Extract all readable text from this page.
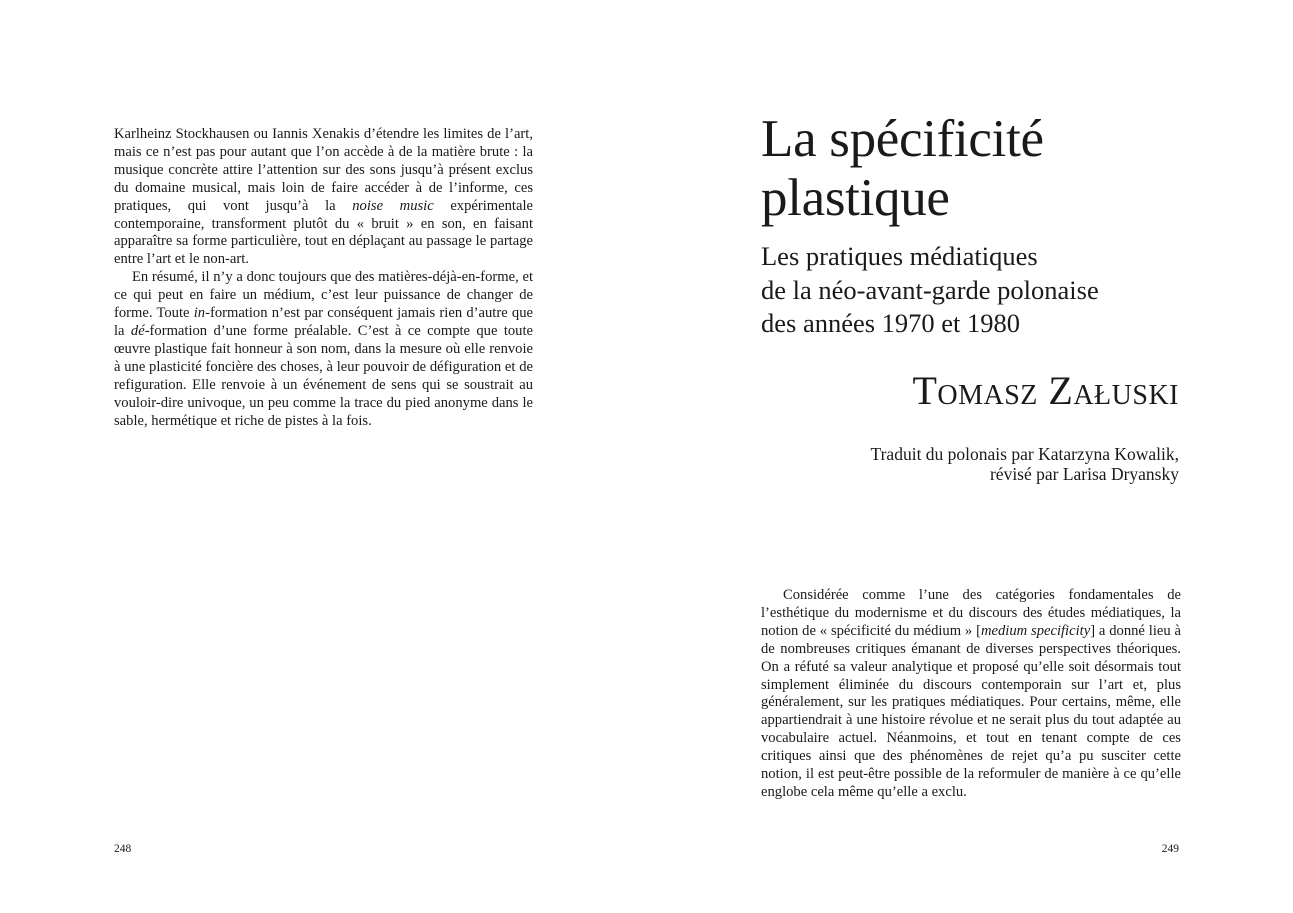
Karlheinz Stockhausen ou Iannis Xenakis d’étendre les limites de l’art, mais ce n’est pas pour autant que l’on accède à de la matière brute : la musique concrète attire l’attention sur des sons jusqu’à présent exclus du domaine musical, mais loin de faire accéder à de l’informe, ces pratiques, qui vont jusqu’à la noise music expérimentale contemporaine, transforment plutôt du « bruit » en son, en faisant apparaître sa forme particulière, tout en déplaçant au passage le partage entre l’art et le non-art.

En résumé, il n’y a donc toujours que des matières-déjà-en-forme, et ce qui peut en faire un médium, c’est leur puissance de changer de forme. Toute in-formation n’est par conséquent jamais rien d’autre que la dé-formation d’une forme préalable. C’est à ce compte que toute œuvre plastique fait honneur à son nom, dans la mesure où elle renvoie à une plasticité foncière des choses, à leur pouvoir de défiguration et de refiguration. Elle renvoie à un événement de sens qui se soustrait au vouloir-dire univoque, un peu comme la trace du pied anonyme dans le sable, hermétique et riche de pistes à la fois.

248
La spécificité
plastique
Les pratiques médiatiques
de la néo-avant-garde polonaise
des années 1970 et 1980
Tomasz Załuski
Traduit du polonais par Katarzyna Kowalik,
révisé par Larisa Dryansky

Considérée comme l’une des catégories fondamentales de l’esthétique du modernisme et du discours des études médiatiques, la notion de « spécificité du médium » [medium specificity] a donné lieu à de nombreuses critiques émanant de diverses perspectives théoriques. On a réfuté sa valeur analytique et proposé qu’elle soit désormais tout simplement éliminée du discours contemporain sur l’art et, plus généralement, sur les pratiques médiatiques. Pour certains, même, elle appartiendrait à une histoire révolue et ne serait plus du tout adaptée au vocabulaire actuel. Néanmoins, et tout en tenant compte de ces critiques ainsi que des phénomènes de rejet qu’a pu susciter cette notion, il est peut-être possible de la reformuler de manière à ce qu’elle englobe cela même qu’elle a exclu.

249
